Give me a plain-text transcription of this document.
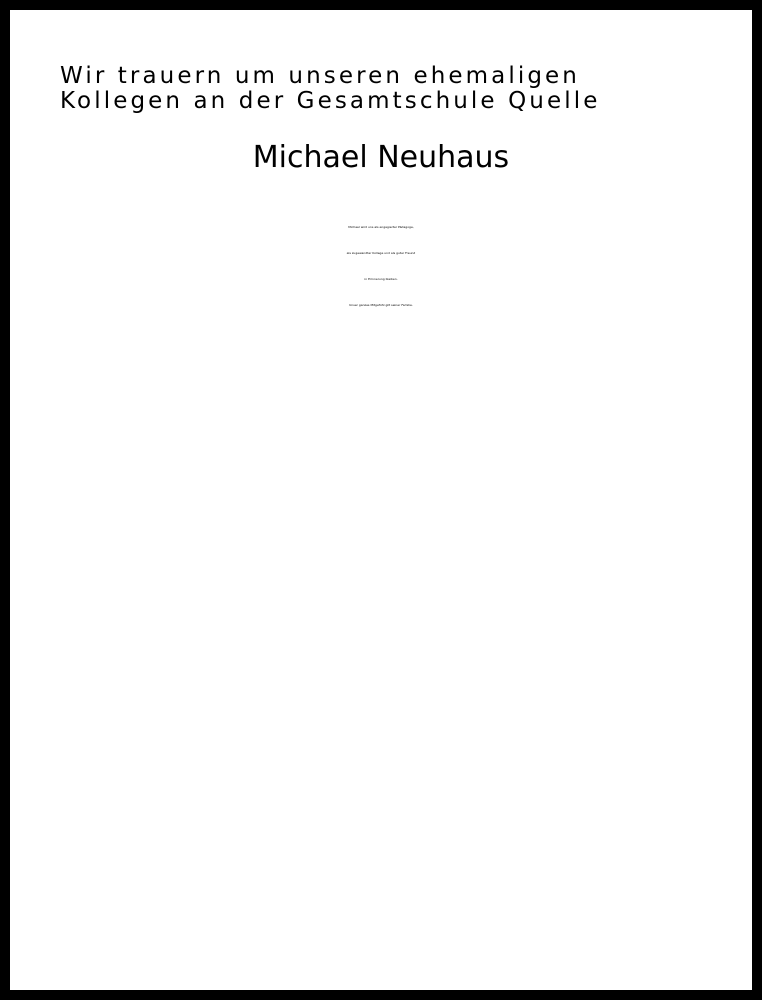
Wir trauern um unseren ehemaligen
Kollegen an der Gesamtschule Quelle
Michael Neuhaus
Michael wird uns als engagierter Pädagoge,
als zugewandter Kollege und als guter Freund
in Erinnerung bleiben.
Unser ganzes Mitgefühl gilt seiner Familie.
